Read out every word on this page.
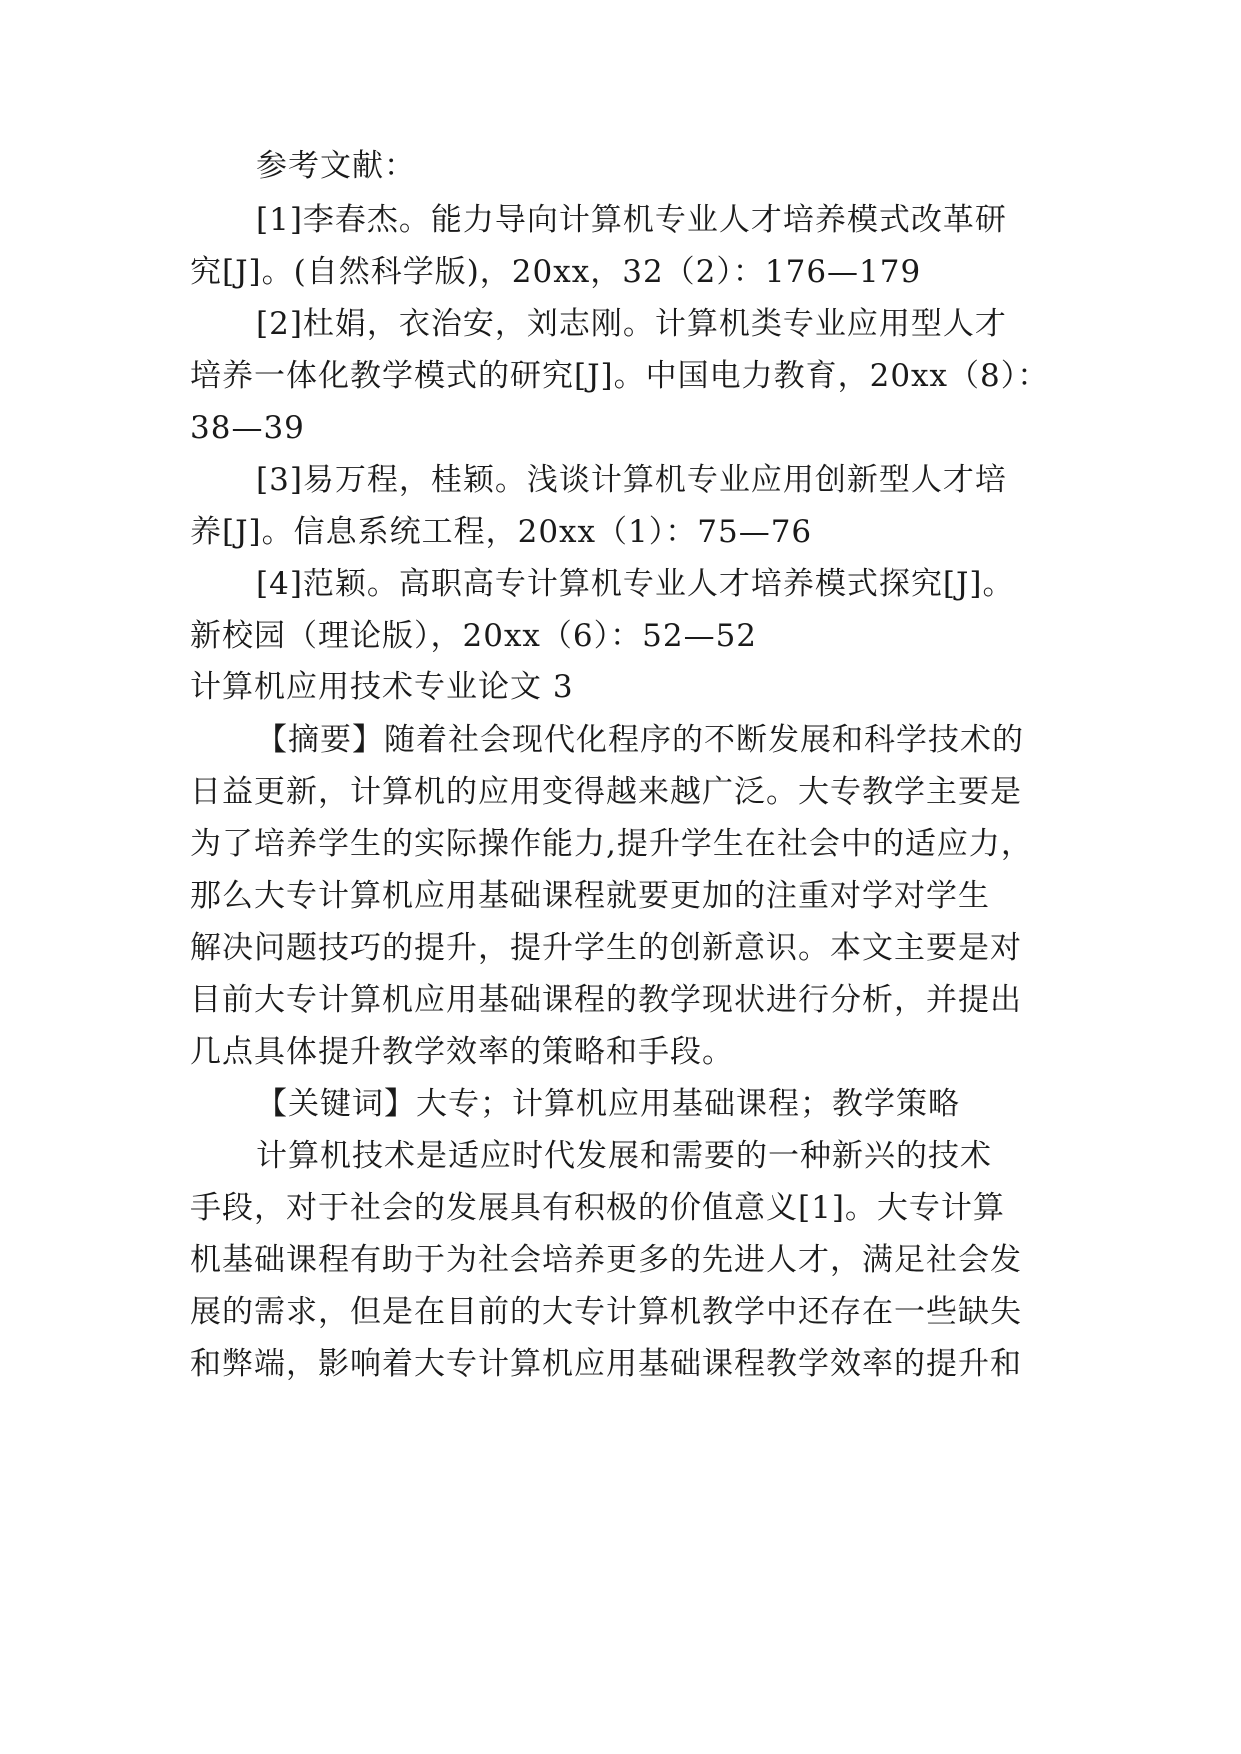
参考文献：
[1]李春杰。能力导向计算机专业人才培养模式改革研
究[J]。(自然科学版)，20xx，32（2）：176—179
[2]杜娟，衣治安，刘志刚。计算机类专业应用型人才
培养一体化教学模式的研究[J]。中国电力教育，20xx（8）：
38—39
[3]易万程，桂颖。浅谈计算机专业应用创新型人才培
养[J]。信息系统工程，20xx（1）：75—76
[4]范颖。高职高专计算机专业人才培养模式探究[J]。
新校园（理论版），20xx（6）：52—52
计算机应用技术专业论文 3
【摘要】随着社会现代化程序的不断发展和科学技术的
日益更新，计算机的应用变得越来越广泛。大专教学主要是
为了培养学生的实际操作能力,提升学生在社会中的适应力，
那么大专计算机应用基础课程就要更加的注重对学对学生
解决问题技巧的提升，提升学生的创新意识。本文主要是对
目前大专计算机应用基础课程的教学现状进行分析，并提出
几点具体提升教学效率的策略和手段。
【关键词】大专；计算机应用基础课程；教学策略
计算机技术是适应时代发展和需要的一种新兴的技术
手段，对于社会的发展具有积极的价值意义[1]。大专计算
机基础课程有助于为社会培养更多的先进人才，满足社会发
展的需求，但是在目前的大专计算机教学中还存在一些缺失
和弊端，影响着大专计算机应用基础课程教学效率的提升和
